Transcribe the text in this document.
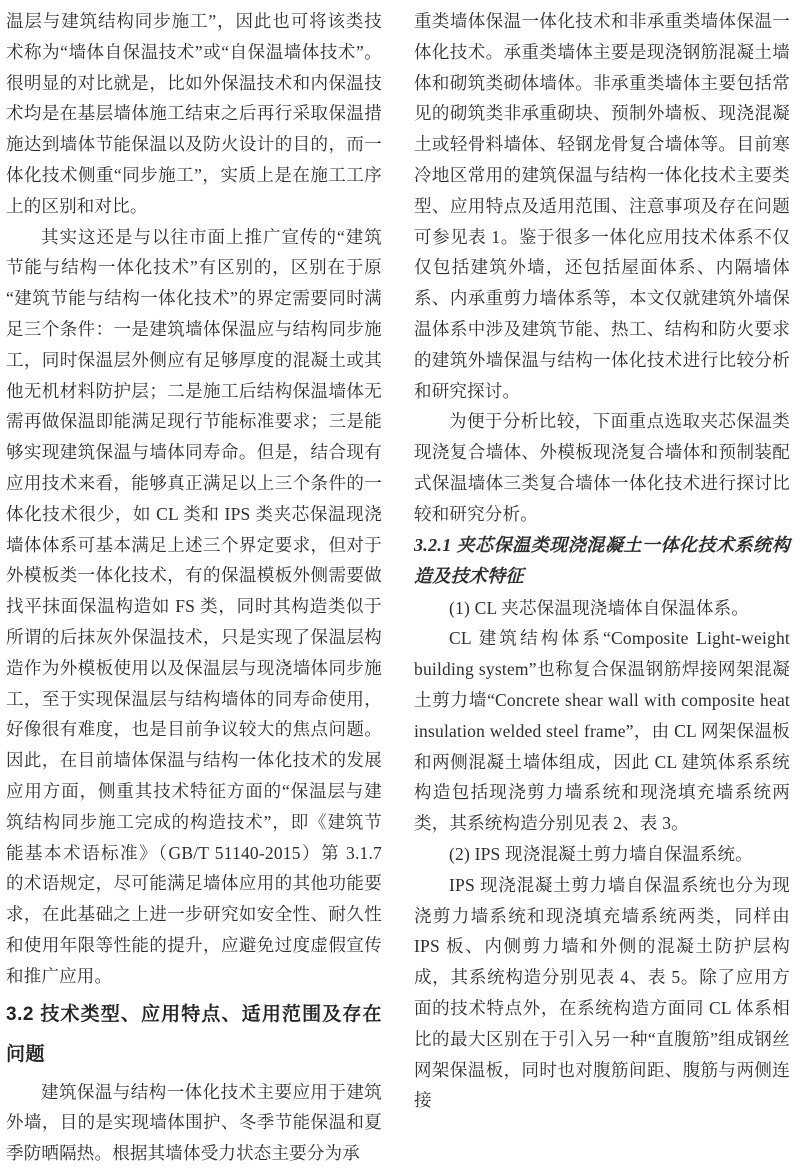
温层与建筑结构同步施工”，因此也可将该类技术称为“墙体自保温技术”或“自保温墙体技术”。很明显的对比就是，比如外保温技术和内保温技术均是在基层墙体施工结束之后再行采取保温措施达到墙体节能保温以及防火设计的目的，而一体化技术侧重“同步施工”，实质上是在施工工序上的区别和对比。

其实这还是与以往市面上推广宣传的“建筑节能与结构一体化技术”有区别的，区别在于原“建筑节能与结构一体化技术”的界定需要同时满足三个条件：一是建筑墙体保温应与结构同步施工，同时保温层外侧应有足够厚度的混凝土或其他无机材料防护层；二是施工后结构保温墙体无需再做保温即能满足现行节能标准要求；三是能够实现建筑保温与墙体同寿命。但是，结合现有应用技术来看，能够真正满足以上三个条件的一体化技术很少，如 CL 类和 IPS 类夹芯保温现浇墙体体系可基本满足上述三个界定要求，但对于外模板类一体化技术，有的保温模板外侧需要做找平抹面保温构造如 FS 类，同时其构造类似于所谓的后抹灰外保温技术，只是实现了保温层构造作为外模板使用以及保温层与现浇墙体同步施工，至于实现保温层与结构墙体的同寿命使用，好像很有难度，也是目前争议较大的焦点问题。因此，在目前墙体保温与结构一体化技术的发展应用方面，侧重其技术特征方面的“保温层与建筑结构同步施工完成的构造技术”，即《建筑节能基本术语标准》（GB/T 51140-2015）第 3.1.7 的术语规定，尽可能满足墙体应用的其他功能要求，在此基础之上进一步研究如安全性、耐久性和使用年限等性能的提升，应避免过度虚假宣传和推广应用。

3.2 技术类型、应用特点、适用范围及存在问题

建筑保温与结构一体化技术主要应用于建筑外墙，目的是实现墙体围护、冬季节能保温和夏季防晒隔热。根据其墙体受力状态主要分为承

重类墙体保温一体化技术和非承重类墙体保温一体化技术。承重类墙体主要是现浇钢筋混凝土墙体和砌筑类砌体墙体。非承重类墙体主要包括常见的砌筑类非承重砌块、预制外墙板、现浇混凝土或轻骨料墙体、轻钢龙骨复合墙体等。目前寒冷地区常用的建筑保温与结构一体化技术主要类型、应用特点及适用范围、注意事项及存在问题可参见表 1。鉴于很多一体化应用技术体系不仅仅包括建筑外墙，还包括屋面体系、内隔墙体系、内承重剪力墙体系等，本文仅就建筑外墙保温体系中涉及建筑节能、热工、结构和防火要求的建筑外墙保温与结构一体化技术进行比较分析和研究探讨。

为便于分析比较，下面重点选取夹芯保温类现浇复合墙体、外模板现浇复合墙体和预制装配式保温墙体三类复合墙体一体化技术进行探讨比较和研究分析。

3.2.1 夹芯保温类现浇混凝土一体化技术系统构造及技术特征

(1) CL 夹芯保温现浇墙体自保温体系。

CL 建筑结构体系“Composite Light-weight building system”也称复合保温钢筋焊接网架混凝土剪力墙“Concrete shear wall with composite heat insulation welded steel frame”，由 CL 网架保温板和两侧混凝土墙体组成，因此 CL 建筑体系系统构造包括现浇剪力墙系统和现浇填充墙系统两类，其系统构造分别见表 2、表 3。

(2) IPS 现浇混凝土剪力墙自保温系统。

IPS 现浇混凝土剪力墙自保温系统也分为现浇剪力墙系统和现浇填充墙系统两类，同样由 IPS 板、内侧剪力墙和外侧的混凝土防护层构成，其系统构造分别见表 4、表 5。除了应用方面的技术特点外，在系统构造方面同 CL 体系相比的最大区别在于引入另一种“直腹筋”组成钢丝网架保温板，同时也对腹筋间距、腹筋与两侧连接
